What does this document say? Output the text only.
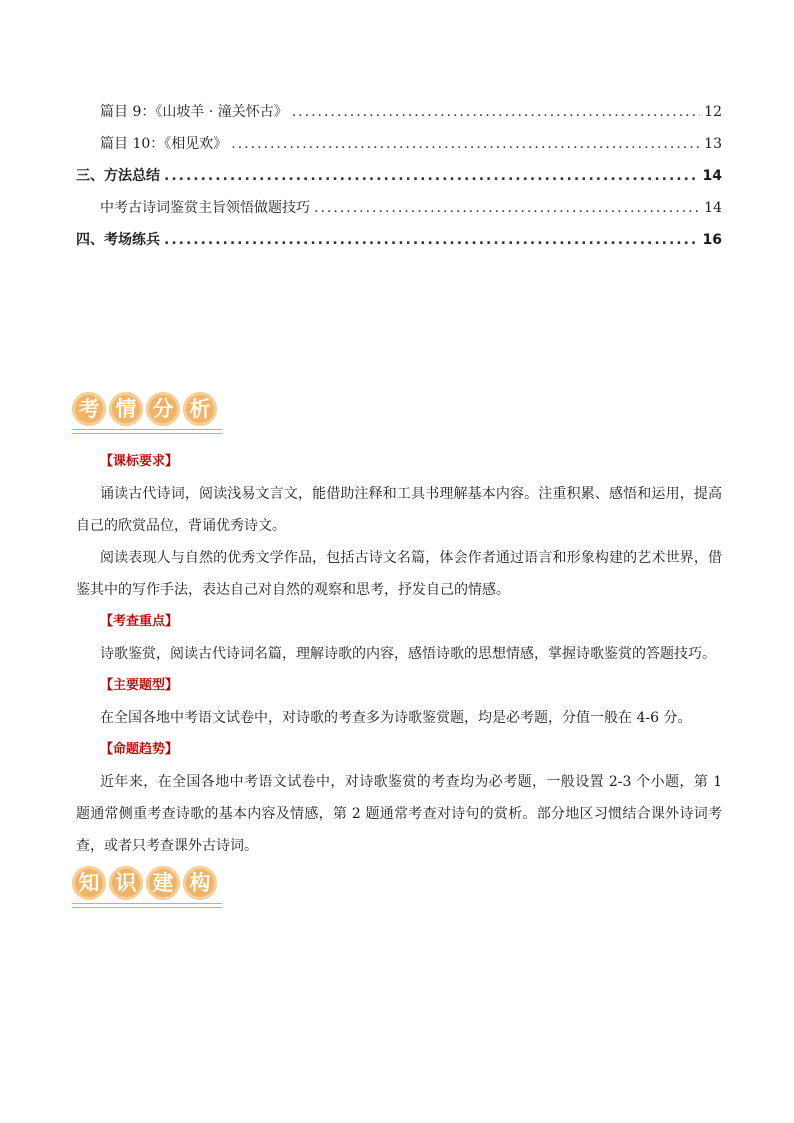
篇目 9：《山坡羊 · 潼关怀古》 .....	12
篇目 10：《相见欢》 .....	13
三、方法总结 .....	14
中考古诗词鉴赏主旨领悟做题技巧 .....	14
四、考场练兵 .....	16
考 情 分 析
【课标要求】
诵读古代诗词，阅读浅易文言文，能借助注释和工具书理解基本内容。注重积累、感悟和运用，提高自己的欣赏品位，背诵优秀诗文。
阅读表现人与自然的优秀文学作品，包括古诗文名篇，体会作者通过语言和形象构建的艺术世界，借鉴其中的写作手法，表达自己对自然的观察和思考，抒发自己的情感。
【考查重点】
诗歌鉴赏，阅读古代诗词名篇，理解诗歌的内容，感悟诗歌的思想情感，掌握诗歌鉴赏的答题技巧。
【主要题型】
在全国各地中考语文试卷中，对诗歌的考查多为诗歌鉴赏题，均是必考题，分值一般在 4-6 分。
【命题趋势】
近年来，在全国各地中考语文试卷中，对诗歌鉴赏的考查均为必考题，一般设置 2-3 个小题，第 1 题通常侧重考查诗歌的基本内容及情感，第 2 题通常考查对诗句的赏析。部分地区习惯结合课外诗词考查，或者只考查课外古诗词。
知 识 建 构
